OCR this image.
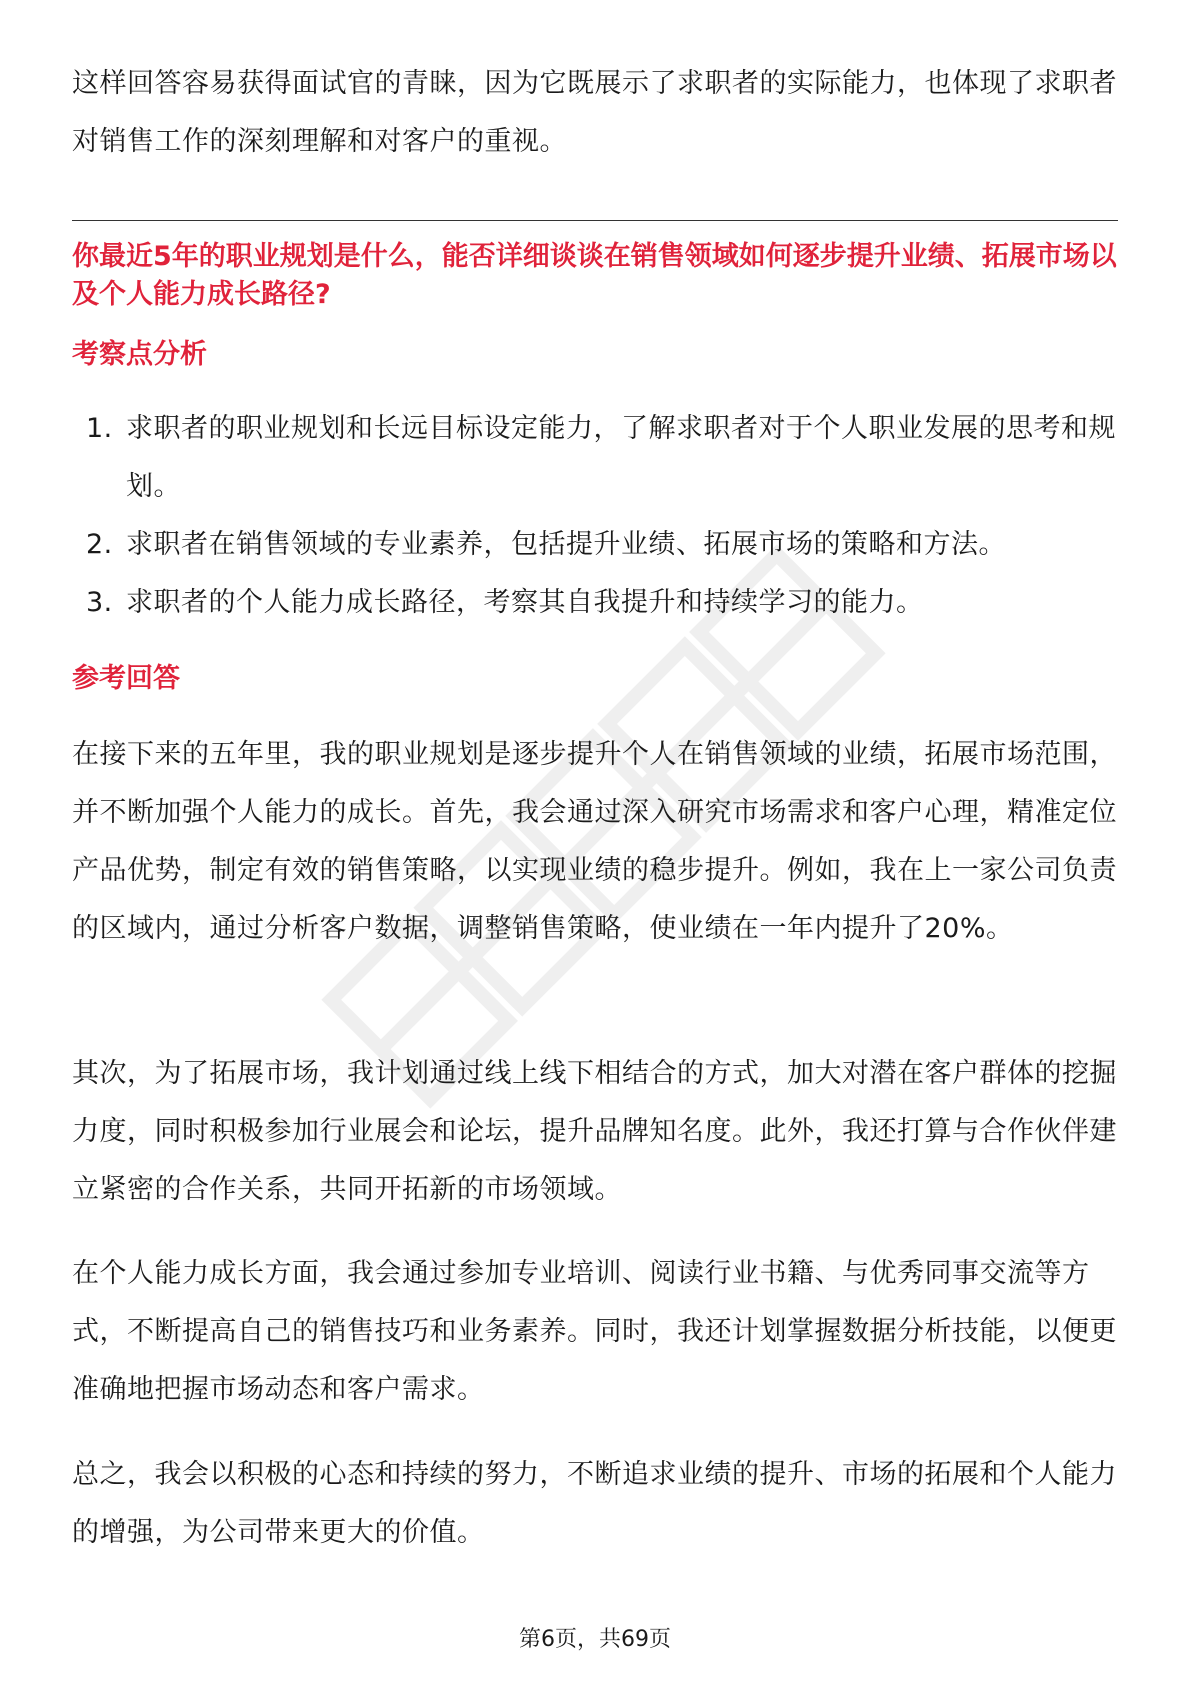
这样回答容易获得面试官的青睐，因为它既展示了求职者的实际能力，也体现了求职者对销售工作的深刻理解和对客户的重视。

你最近5年的职业规划是什么，能否详细谈谈在销售领域如何逐步提升业绩、拓展市场以及个人能力成长路径?

考察点分析

1. 求职者的职业规划和长远目标设定能力，了解求职者对于个人职业发展的思考和规划。
2. 求职者在销售领域的专业素养，包括提升业绩、拓展市场的策略和方法。
3. 求职者的个人能力成长路径，考察其自我提升和持续学习的能力。

参考回答

在接下来的五年里，我的职业规划是逐步提升个人在销售领域的业绩，拓展市场范围，并不断加强个人能力的成长。首先，我会通过深入研究市场需求和客户心理，精准定位产品优势，制定有效的销售策略，以实现业绩的稳步提升。例如，我在上一家公司负责的区域内，通过分析客户数据，调整销售策略，使业绩在一年内提升了20%。

其次，为了拓展市场，我计划通过线上线下相结合的方式，加大对潜在客户群体的挖掘力度，同时积极参加行业展会和论坛，提升品牌知名度。此外，我还打算与合作伙伴建立紧密的合作关系，共同开拓新的市场领域。

在个人能力成长方面，我会通过参加专业培训、阅读行业书籍、与优秀同事交流等方式，不断提高自己的销售技巧和业务素养。同时，我还计划掌握数据分析技能，以便更准确地把握市场动态和客户需求。

总之，我会以积极的心态和持续的努力，不断追求业绩的提升、市场的拓展和个人能力的增强，为公司带来更大的价值。

第6页，共69页
